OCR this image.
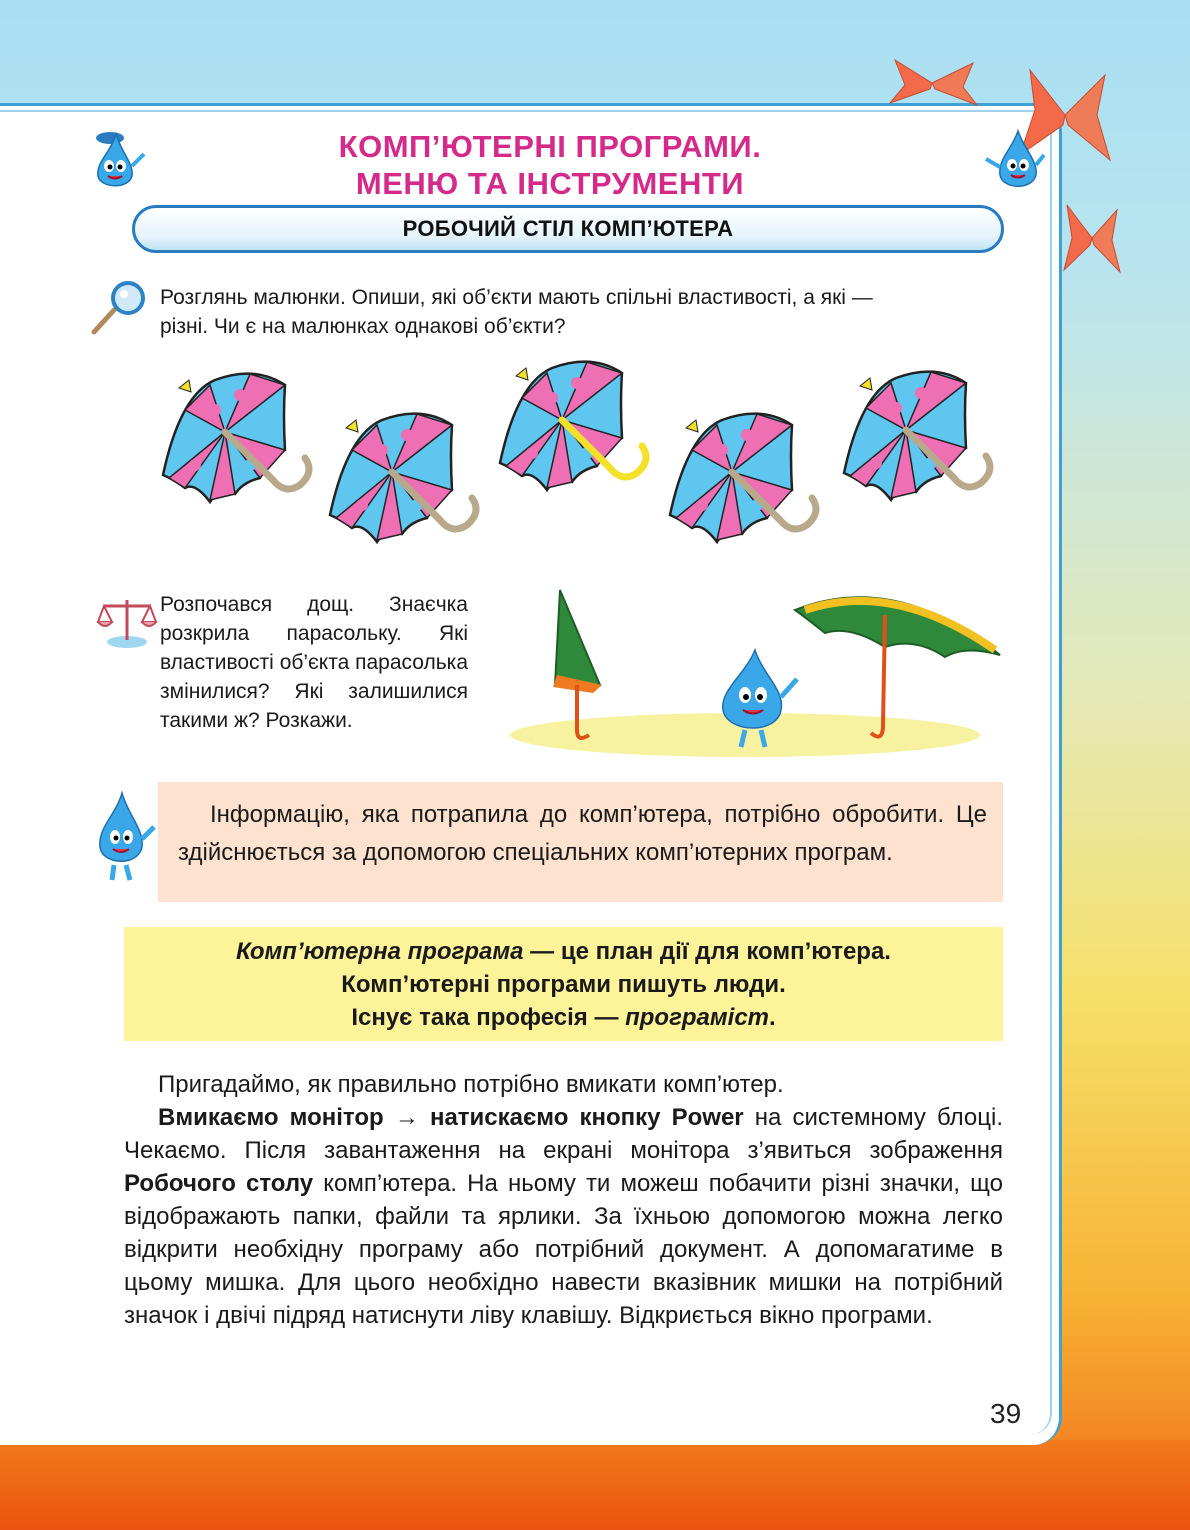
КОМП’ЮТЕРНІ ПРОГРАМИ.
МЕНЮ ТА ІНСТРУМЕНТИ
РОБОЧИЙ СТІЛ КОМП’ЮТЕРА
Розглянь малюнки. Опиши, які об’єкти мають спільні властивості, а які —
різні. Чи є на малюнках однакові об’єкти?
Розпочався дощ. Знаєчка розкрила парасольку. Які властивості об’єкта парасолька змінилися? Які залишилися такими ж? Розкажи.

Інформацію, яка потрапила до комп’ютера, потрібно обробити. Це здійснюється за допомогою спеціальних комп’ютерних програм.

Комп’ютерна програма — це план дії для комп’ютера.
Комп’ютерні програми пишуть люди.
Існує така професія — програміст.

Пригадаймо, як правильно потрібно вмикати комп’ютер.

Вмикаємо монітор → натискаємо кнопку Power на системному блоці. Чекаємо. Після завантаження на екрані монітора з’явиться зображення Робочого столу комп’ютера. На ньому ти можеш побачити різні значки, що відображають папки, файли та ярлики. За їхньою допомогою можна легко відкрити необхідну програму або потрібний документ. А допомагатиме в цьому мишка. Для цього необхідно навести вказівник мишки на потрібний значок і двічі підряд натиснути ліву клавішу. Відкриється вікно програми.

39
